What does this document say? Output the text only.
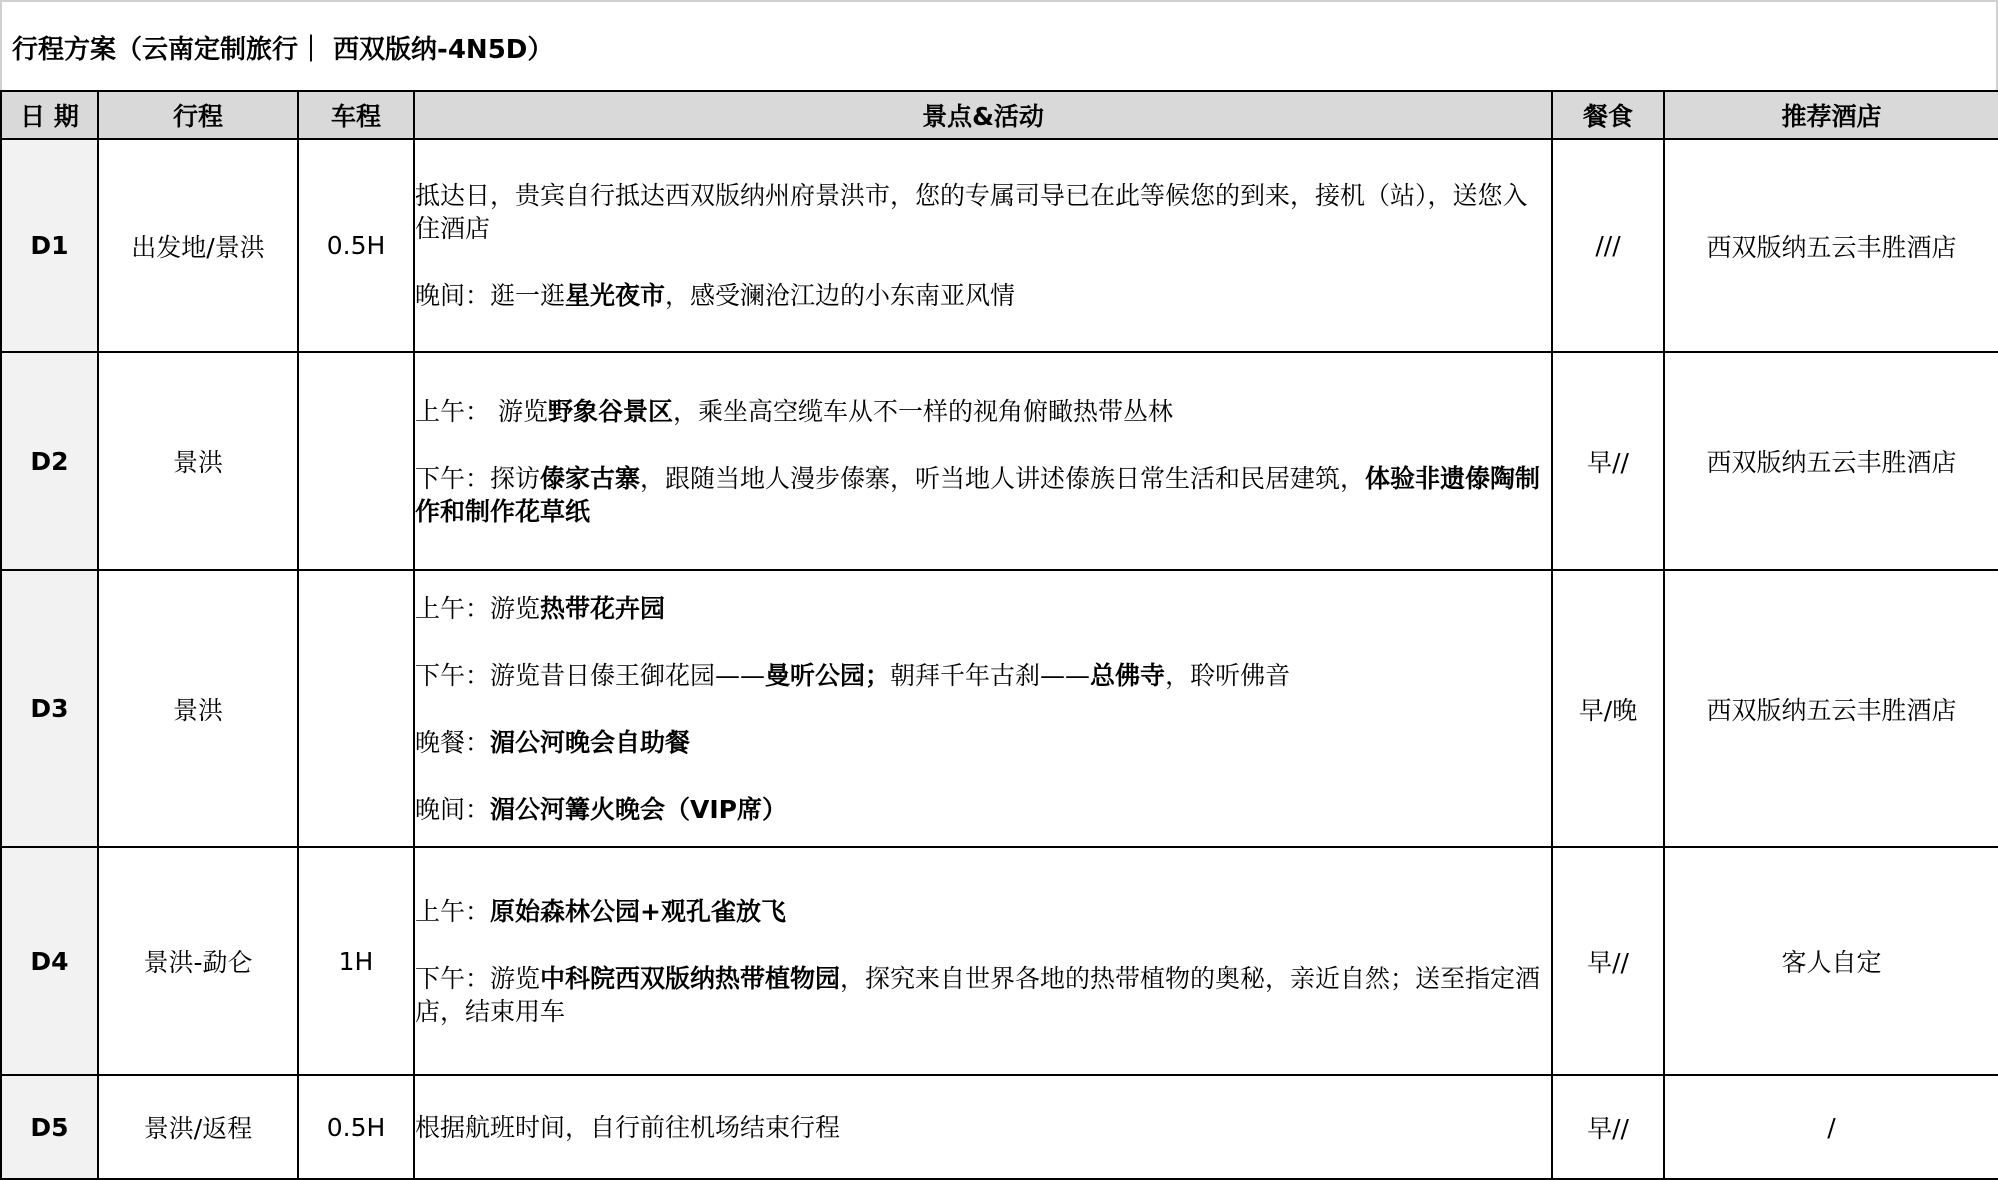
行程方案（云南定制旅行｜ 西双版纳-4N5D）
日 期	行程	车程	景点&活动	餐食	推荐酒店
D1	出发地/景洪	0.5H	抵达日，贵宾自行抵达西双版纳州府景洪市，您的专属司导已在此等候您的到来，接机（站），送您入住酒店

晚间：逛一逛星光夜市，感受澜沧江边的小东南亚风情	///	西双版纳五云丰胜酒店
D2	景洪		上午： 游览野象谷景区，乘坐高空缆车从不一样的视角俯瞰热带丛林

下午：探访傣家古寨，跟随当地人漫步傣寨，听当地人讲述傣族日常生活和民居建筑，体验非遗傣陶制作和制作花草纸	早//	西双版纳五云丰胜酒店
D3	景洪		上午：游览热带花卉园

下午：游览昔日傣王御花园——曼听公园；朝拜千年古刹——总佛寺，聆听佛音

晚餐：湄公河晚会自助餐

晚间：湄公河篝火晚会（VIP席）	早/晚	西双版纳五云丰胜酒店
D4	景洪-勐仑	1H	上午：原始森林公园+观孔雀放飞

下午：游览中科院西双版纳热带植物园，探究来自世界各地的热带植物的奥秘，亲近自然；送至指定酒店，结束用车	早//	客人自定
D5	景洪/返程	0.5H	根据航班时间，自行前往机场结束行程	早//	/
